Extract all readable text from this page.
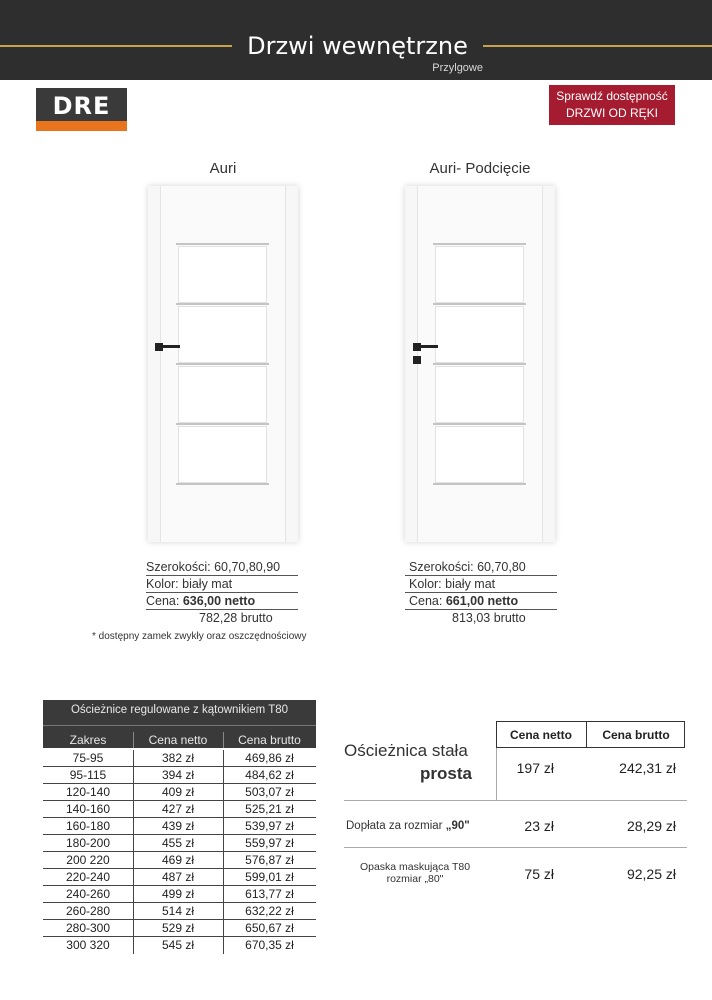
Drzwi wewnętrzne
Przylgowe
DRE	Sprawdź dostępność
DRZWI OD RĘKI
Auri	Auri- Podcięcie
Szerokości: 60,70,80,90
Kolor: biały mat
Cena: 636,00 netto
782,28 brutto
* dostępny zamek zwykły oraz oszczędnościowy
Szerokości: 60,70,80
Kolor: biały mat
Cena: 661,00 netto
813,03 brutto
Ościeżnice regulowane z kątownikiem T80
Zakres	Cena netto	Cena brutto
75-95	382 zł	469,86 zł
95-115	394 zł	484,62 zł
120-140	409 zł	503,07 zł
140-160	427 zł	525,21 zł
160-180	439 zł	539,97 zł
180-200	455 zł	559,97 zł
200 220	469 zł	576,87 zł
220-240	487 zł	599,01 zł
240-260	499 zł	613,77 zł
260-280	514 zł	632,22 zł
280-300	529 zł	650,67 zł
300 320	545 zł	670,35 zł
Cena netto	Cena brutto
Ościeżnica stała
prosta	197 zł	242,31 zł
Dopłata za rozmiar „90"	23 zł	28,29 zł
Opaska maskująca T80
rozmiar „80"	75 zł	92,25 zł
